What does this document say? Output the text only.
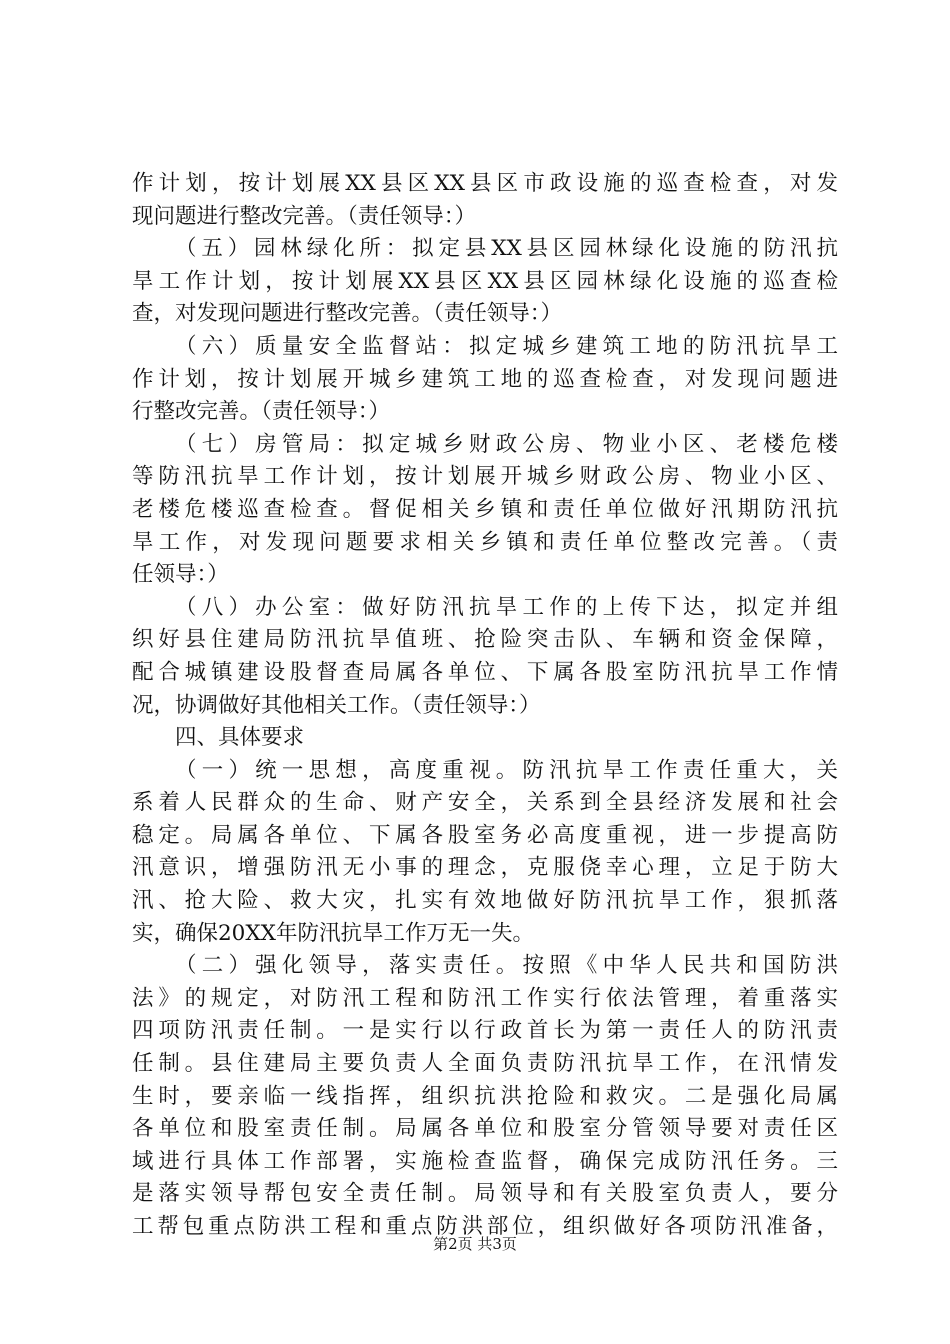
作计划，按计划展XX县区XX县区市政设施的巡查检查，对发
现问题进行整改完善。（责任领导：）
（五）园林绿化所：拟定县XX县区园林绿化设施的防汛抗
旱工作计划，按计划展XX县区XX县区园林绿化设施的巡查检
查，对发现问题进行整改完善。（责任领导：）
（六）质量安全监督站：拟定城乡建筑工地的防汛抗旱工
作计划，按计划展开城乡建筑工地的巡查检查，对发现问题进
行整改完善。（责任领导：）
（七）房管局：拟定城乡财政公房、物业小区、老楼危楼
等防汛抗旱工作计划，按计划展开城乡财政公房、物业小区、
老楼危楼巡查检查。督促相关乡镇和责任单位做好汛期防汛抗
旱工作，对发现问题要求相关乡镇和责任单位整改完善。（责
任领导：）
（八）办公室：做好防汛抗旱工作的上传下达，拟定并组
织好县住建局防汛抗旱值班、抢险突击队、车辆和资金保障，
配合城镇建设股督查局属各单位、下属各股室防汛抗旱工作情
况，协调做好其他相关工作。（责任领导：）
四、具体要求
（一）统一思想，高度重视。防汛抗旱工作责任重大，关
系着人民群众的生命、财产安全，关系到全县经济发展和社会
稳定。局属各单位、下属各股室务必高度重视，进一步提高防
汛意识，增强防汛无小事的理念，克服侥幸心理，立足于防大
汛、抢大险、救大灾，扎实有效地做好防汛抗旱工作，狠抓落
实，确保20XX年防汛抗旱工作万无一失。
（二）强化领导，落实责任。按照《中华人民共和国防洪
法》的规定，对防汛工程和防汛工作实行依法管理，着重落实
四项防汛责任制。一是实行以行政首长为第一责任人的防汛责
任制。县住建局主要负责人全面负责防汛抗旱工作，在汛情发
生时，要亲临一线指挥，组织抗洪抢险和救灾。二是强化局属
各单位和股室责任制。局属各单位和股室分管领导要对责任区
域进行具体工作部署，实施检查监督，确保完成防汛任务。三
是落实领导帮包安全责任制。局领导和有关股室负责人，要分
工帮包重点防洪工程和重点防洪部位，组织做好各项防汛准备，
第2页 共3页
